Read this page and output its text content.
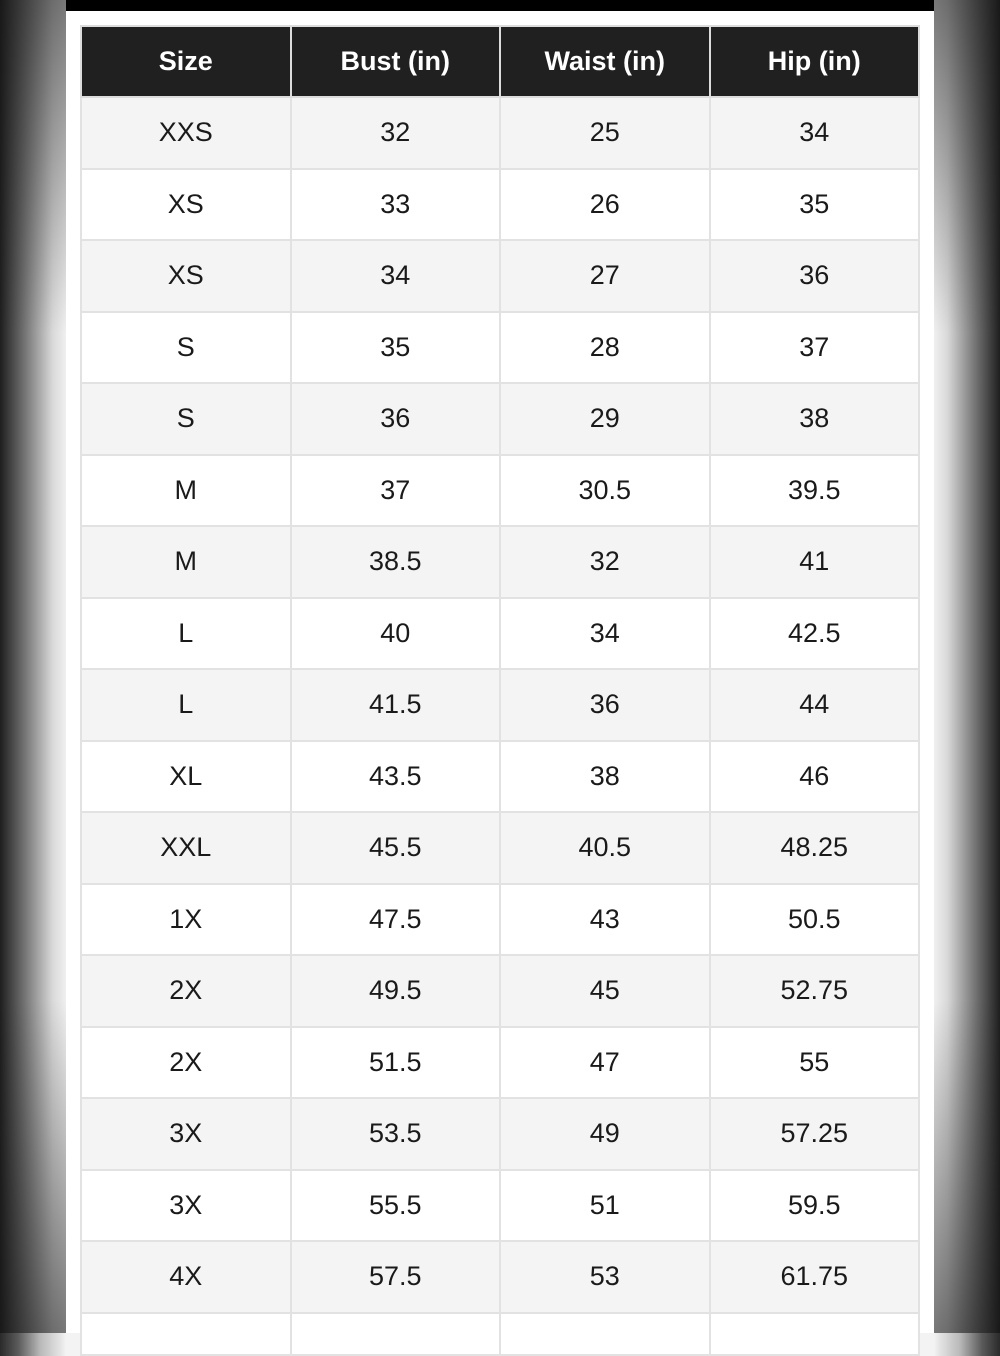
Size	Bust (in)	Waist (in)	Hip (in)
XXS	32	25	34
XS	33	26	35
XS	34	27	36
S	35	28	37
S	36	29	38
M	37	30.5	39.5
M	38.5	32	41
L	40	34	42.5
L	41.5	36	44
XL	43.5	38	46
XXL	45.5	40.5	48.25
1X	47.5	43	50.5
2X	49.5	45	52.75
2X	51.5	47	55
3X	53.5	49	57.25
3X	55.5	51	59.5
4X	57.5	53	61.75
